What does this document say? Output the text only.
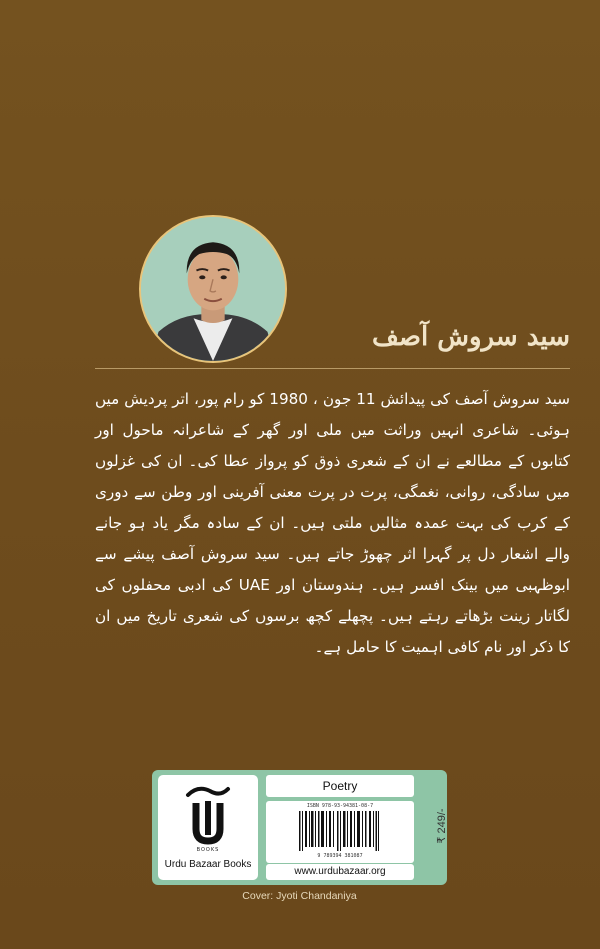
سید سروش آصف
سید سروش آصف کی پیدائش 11 جون ، 1980 کو رام پور، اتر پردیش میں ہوئی۔ شاعری انہیں وراثت میں ملی اور گھر کے شاعرانہ ماحول اور کتابوں کے مطالعے نے ان کے شعری ذوق کو پرواز عطا کی۔ ان کی غزلوں میں سادگی، روانی، نغمگی، پرت در پرت معنی آفرینی اور وطن سے دوری کے کرب کی بہت عمدہ مثالیں ملتی ہیں۔ ان کے سادہ مگر یاد ہو جانے والے اشعار دل پر گہرا اثر چھوڑ جاتے ہیں۔ سید سروش آصف پیشے سے ابوظہبی میں بینک افسر ہیں۔ ہندوستان اور UAE کی ادبی محفلوں کی لگاتار زینت بڑھاتے رہتے ہیں۔ پچھلے کچھ برسوں کی شعری تاریخ میں ان کا ذکر اور نام کافی اہمیت کا حامل ہے۔
BOOKS
Urdu Bazaar Books
Poetry
ISBN 978-93-94381-08-7
9 789394 381087
www.urdubazaar.org
₹ 249/-
Cover: Jyoti Chandaniya
